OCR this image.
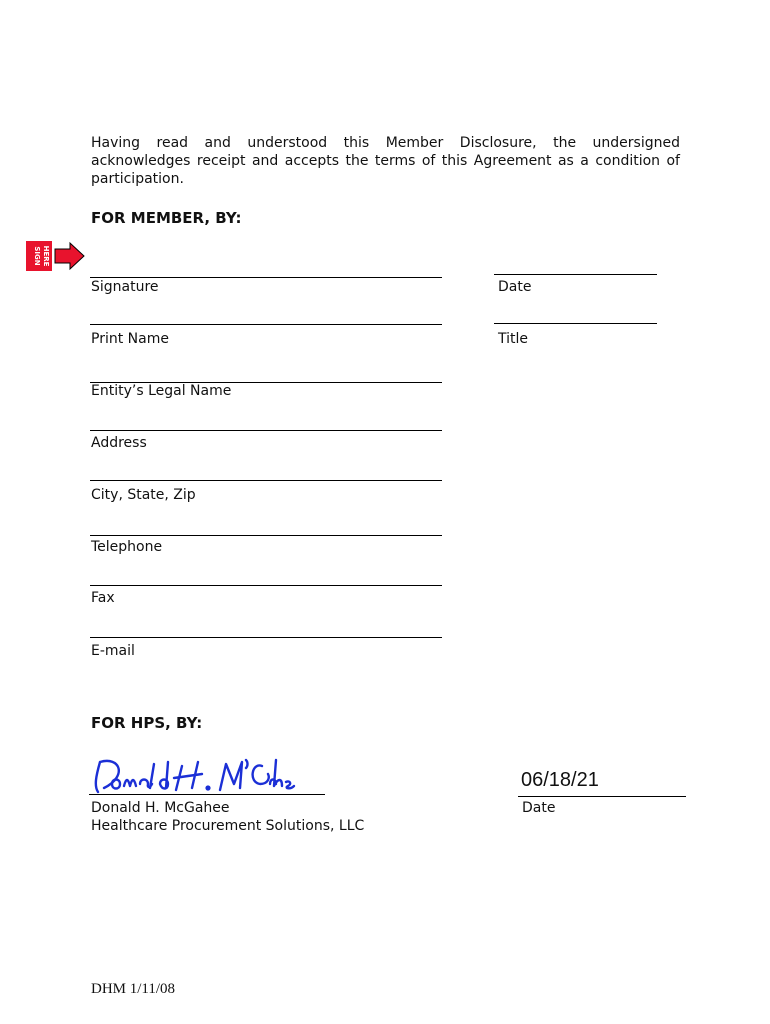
Having read and understood this Member Disclosure, the undersigned acknowledges receipt and accepts the terms of this Agreement as a condition of participation.

FOR MEMBER, BY:
SIGN HERE
Signature	Date
Print Name	Title
Entity’s Legal Name
Address
City, State, Zip
Telephone
Fax
E-mail
FOR HPS, BY:
06/18/21
Date
Donald H. McGahee
Healthcare Procurement Solutions, LLC
DHM 1/11/08
